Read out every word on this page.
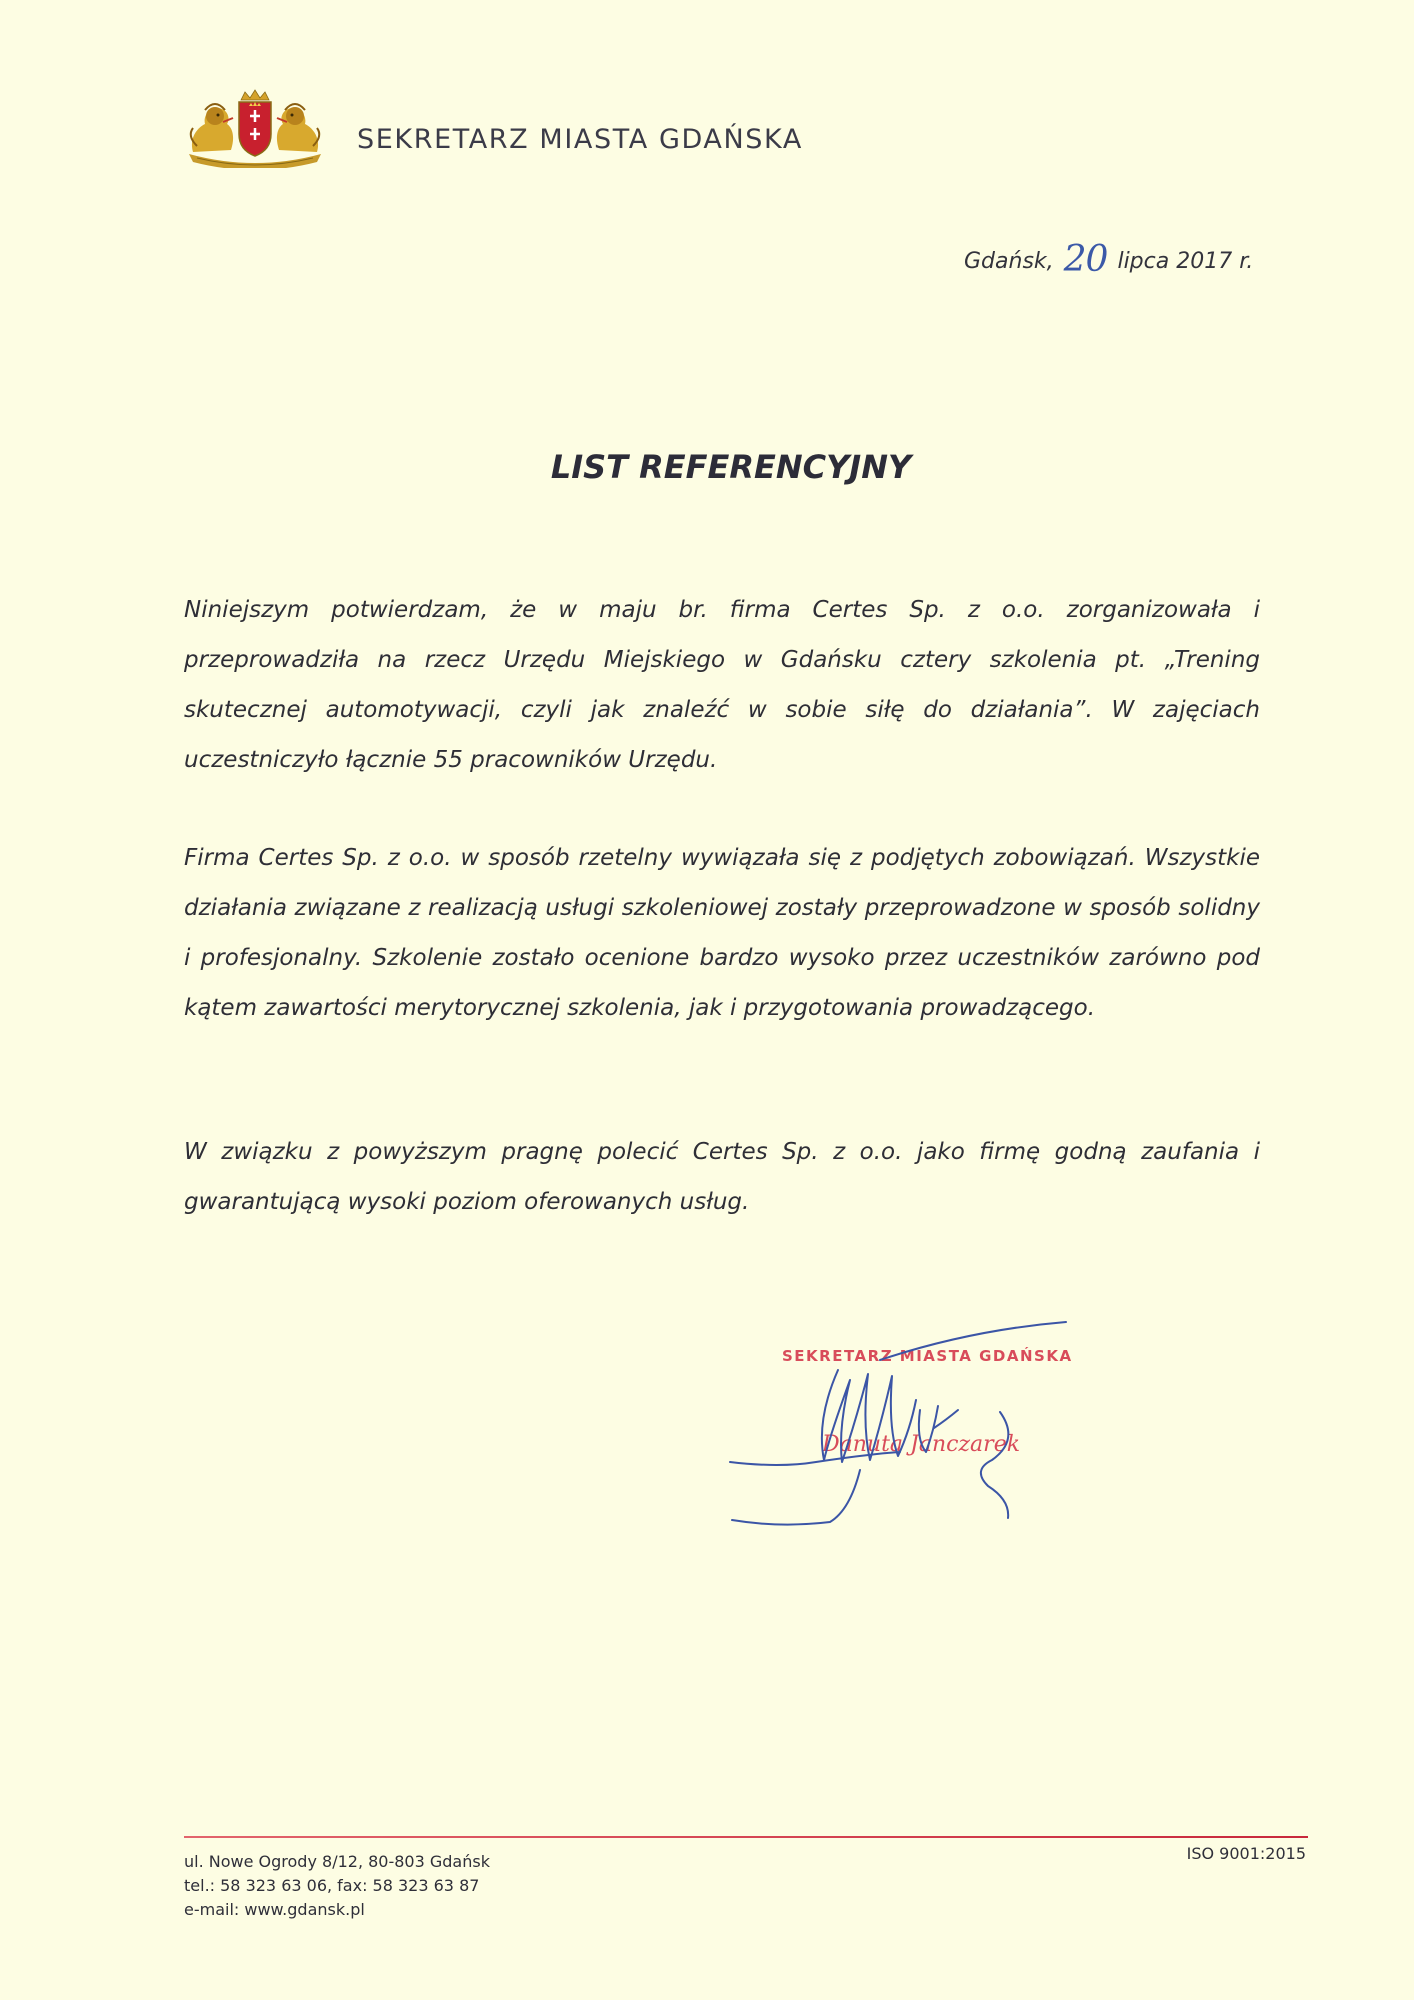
SEKRETARZ MIASTA GDAŃSKA
Gdańsk, 20 lipca 2017 r.
LIST REFERENCYJNY
Niniejszym potwierdzam, że w maju br. firma Certes Sp. z o.o. zorganizowała i przeprowadziła na rzecz Urzędu Miejskiego w Gdańsku cztery szkolenia pt. „Trening skutecznej automotywacji, czyli jak znaleźć w sobie siłę do działania”. W zajęciach uczestniczyło łącznie 55 pracowników Urzędu.
Firma Certes Sp. z o.o. w sposób rzetelny wywiązała się z podjętych zobowiązań. Wszystkie działania związane z realizacją usługi szkoleniowej zostały przeprowadzone w sposób solidny i profesjonalny. Szkolenie zostało ocenione bardzo wysoko przez uczestników zarówno pod kątem zawartości merytorycznej szkolenia, jak i przygotowania prowadzącego.
W związku z powyższym pragnę polecić Certes Sp. z o.o. jako firmę godną zaufania i gwarantującą wysoki poziom oferowanych usług.
SEKRETARZ MIASTA GDAŃSKA
Danuta Janczarek
ul. Nowe Ogrody 8/12, 80-803 Gdańsk
tel.: 58 323 63 06, fax: 58 323 63 87
e-mail: www.gdansk.pl
ISO 9001:2015
